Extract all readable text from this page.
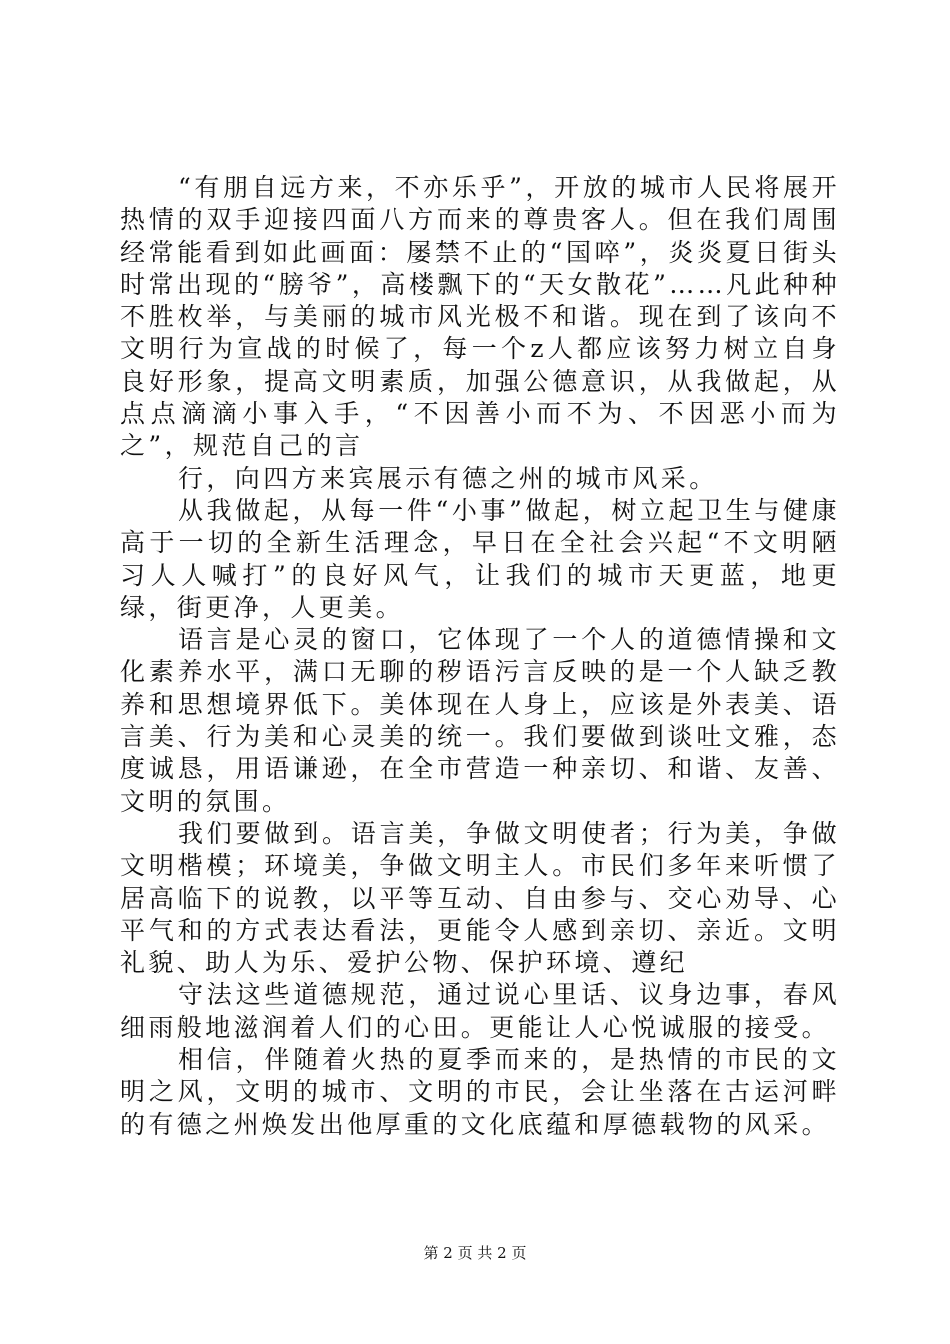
“有朋自远方来，不亦乐乎”，开放的城市人民将展开热情的双手迎接四面八方而来的尊贵客人。但在我们周围经常能看到如此画面：屡禁不止的“国啐”，炎炎夏日街头时常出现的“膀爷”，高楼飘下的“天女散花”……凡此种种不胜枚举，与美丽的城市风光极不和谐。现在到了该向不文明行为宣战的时候了，每一个z人都应该努力树立自身良好形象，提高文明素质，加强公德意识，从我做起，从点点滴滴小事入手，“不因善小而不为、不因恶小而为之”，规范自己的言

行，向四方来宾展示有德之州的城市风采。

从我做起，从每一件“小事”做起，树立起卫生与健康高于一切的全新生活理念，早日在全社会兴起“不文明陋习人人喊打”的良好风气，让我们的城市天更蓝，地更绿，街更净，人更美。

语言是心灵的窗口，它体现了一个人的道德情操和文化素养水平，满口无聊的秽语污言反映的是一个人缺乏教养和思想境界低下。美体现在人身上，应该是外表美、语言美、行为美和心灵美的统一。我们要做到谈吐文雅，态度诚恳，用语谦逊，在全市营造一种亲切、和谐、友善、文明的氛围。

我们要做到。语言美，争做文明使者；行为美，争做文明楷模；环境美，争做文明主人。市民们多年来听惯了居高临下的说教，以平等互动、自由参与、交心劝导、心平气和的方式表达看法，更能令人感到亲切、亲近。文明礼貌、助人为乐、爱护公物、保护环境、遵纪

守法这些道德规范，通过说心里话、议身边事，春风细雨般地滋润着人们的心田。更能让人心悦诚服的接受。

相信，伴随着火热的夏季而来的，是热情的市民的文明之风，文明的城市、文明的市民，会让坐落在古运河畔的有德之州焕发出他厚重的文化底蕴和厚德载物的风采。

第 2 页 共 2 页
